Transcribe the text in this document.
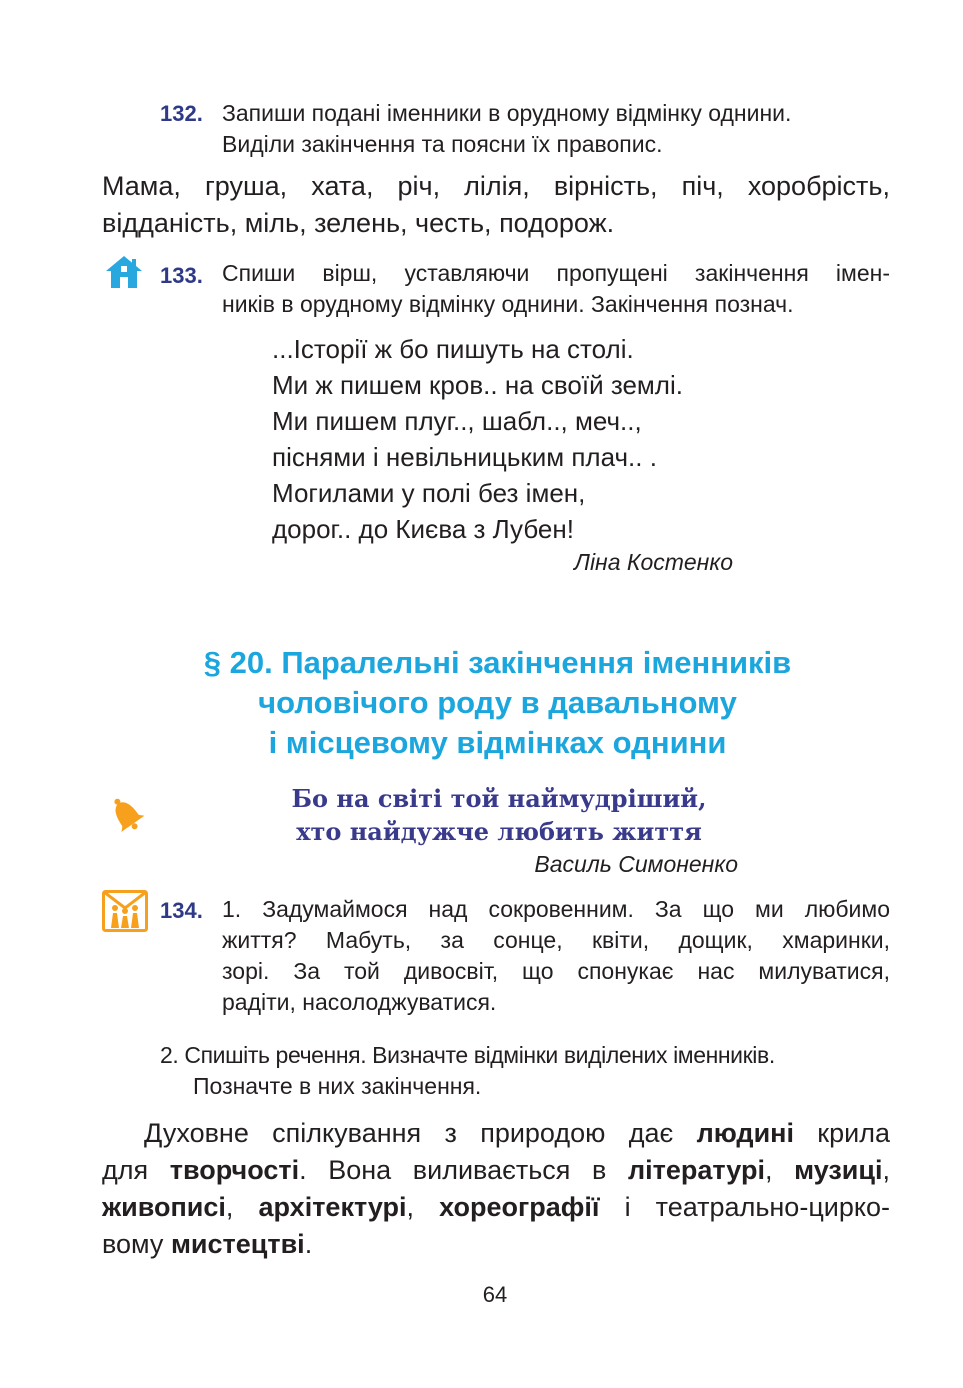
132. Запиши подані іменники в орудному відмінку однини.
Виділи закінчення та поясни їх правопис.
Мама, груша, хата, річ, лілія, вірність, піч, хоробрість,
відданість, міль, зелень, честь, подорож.
133. Спиши вірш, уставляючи пропущені закінчення імен-
ників в орудному відмінку однини. Закінчення познач.
...Історії ж бо пишуть на столі.
Ми ж пишем кров.. на своїй землі.
Ми пишем плуг.., шабл.., меч..,
піснями і невільницьким плач.. .
Могилами у полі без імен,
дорог.. до Києва з Лубен!
Ліна Костенко
§ 20. Паралельні закінчення іменників
чоловічого роду в давальному
і місцевому відмінках однини
Бо на світі той наймудріший,
хто найдужче любить життя
Василь Симоненко
134. 1. Задумаймося над сокровенним. За що ми любимо
життя? Мабуть, за сонце, квіти, дощик, хмаринки,
зорі. За той дивосвіт, що спонукає нас милуватися,
радіти, насолоджуватися.
2. Спишіть речення. Визначте відмінки виділених іменників.
Позначте в них закінчення.
Духовне спілкування з природою дає людині крила
для творчості. Вона виливається в літературі, музиці,
живописі, архітектурі, хореографії і театрально-цирко-
вому мистецтві.
64
